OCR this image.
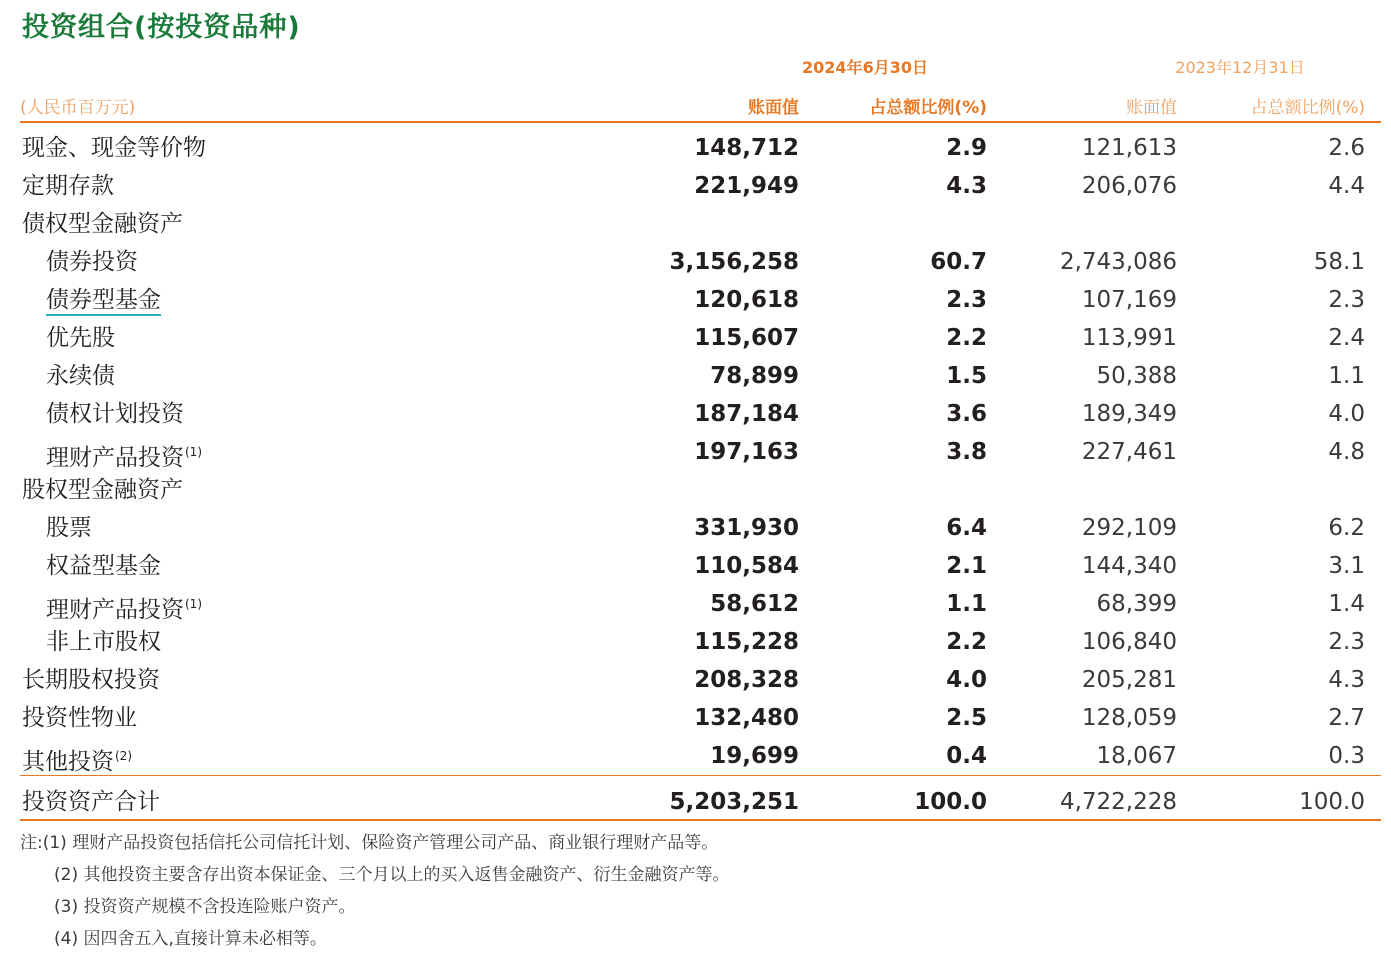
投资组合(按投资品种)
2024年6月30日	2023年12月31日
(人民币百万元)	账面值	占总额比例(%)	账面值	占总额比例(%)
现金、现金等价物	148,712	2.9	121,613	2.6
定期存款	221,949	4.3	206,076	4.4
债权型金融资产
债券投资	3,156,258	60.7	2,743,086	58.1
债券型基金	120,618	2.3	107,169	2.3
优先股	115,607	2.2	113,991	2.4
永续债	78,899	1.5	50,388	1.1
债权计划投资	187,184	3.6	189,349	4.0
理财产品投资$^{(1)}$	197,163	3.8	227,461	4.8
股权型金融资产
股票	331,930	6.4	292,109	6.2
权益型基金	110,584	2.1	144,340	3.1
理财产品投资$^{(1)}$	58,612	1.1	68,399	1.4
非上市股权	115,228	2.2	106,840	2.3
长期股权投资	208,328	4.0	205,281	4.3
投资性物业	132,480	2.5	128,059	2.7
其他投资$^{(2)}$	19,699	0.4	18,067	0.3
投资资产合计	5,203,251	100.0	4,722,228	100.0
注:(1) 理财产品投资包括信托公司信托计划、保险资产管理公司产品、商业银行理财产品等。
(2) 其他投资主要含存出资本保证金、三个月以上的买入返售金融资产、衍生金融资产等。
(3) 投资资产规模不含投连险账户资产。
(4) 因四舍五入,直接计算未必相等。
